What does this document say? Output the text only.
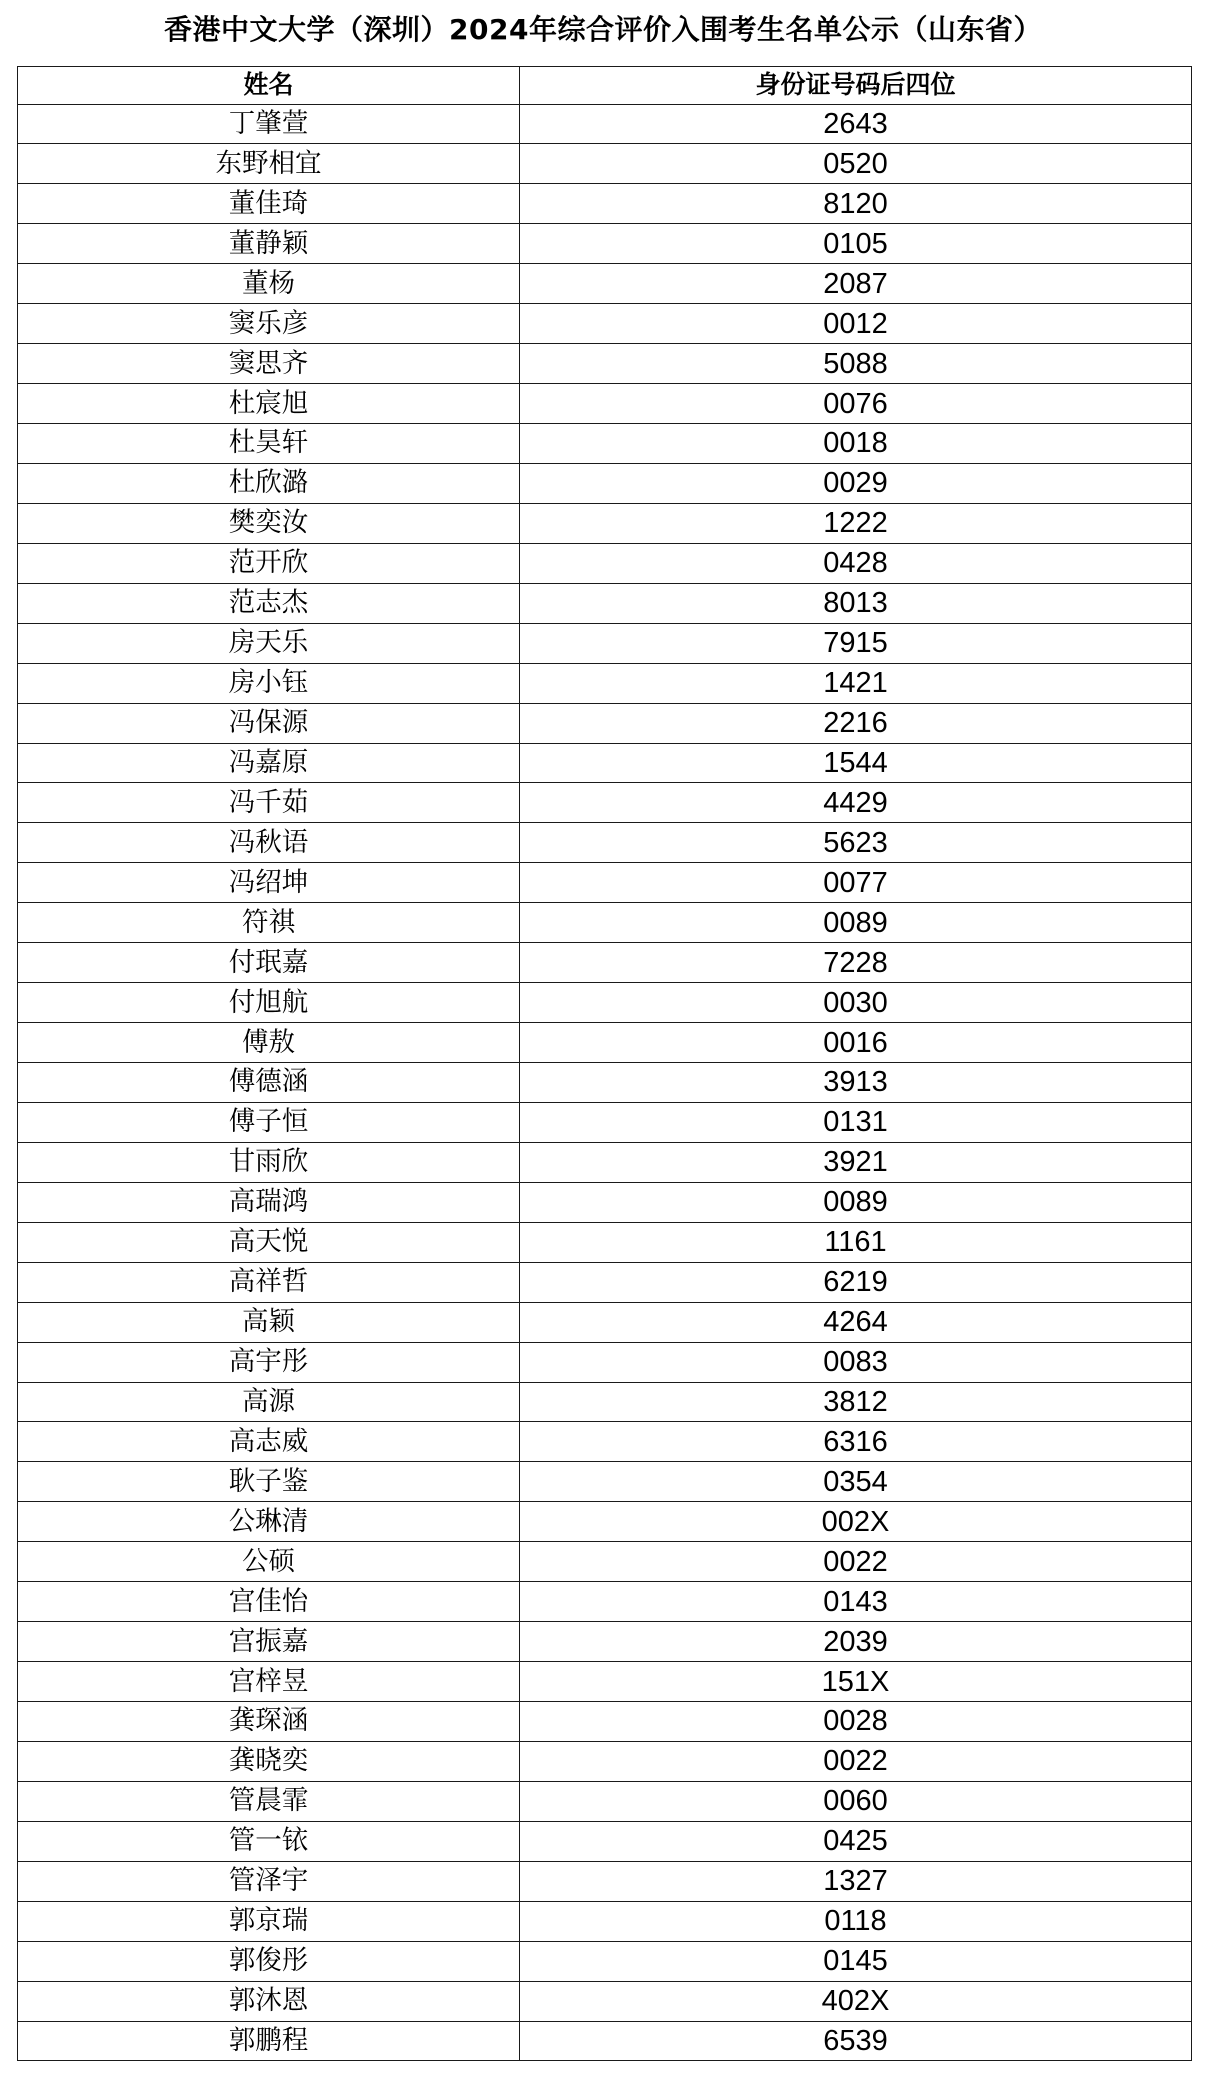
香港中文大学（深圳）2024年综合评价入围考生名单公示（山东省）
姓名	身份证号码后四位
丁肇萱	2643
东野相宜	0520
董佳琦	8120
董静颖	0105
董杨	2087
窦乐彦	0012
窦思齐	5088
杜宸旭	0076
杜昊轩	0018
杜欣潞	0029
樊奕汝	1222
范开欣	0428
范志杰	8013
房天乐	7915
房小钰	1421
冯保源	2216
冯嘉原	1544
冯千茹	4429
冯秋语	5623
冯绍坤	0077
符祺	0089
付珉嘉	7228
付旭航	0030
傅敖	0016
傅德涵	3913
傅子恒	0131
甘雨欣	3921
高瑞鸿	0089
高天悦	1161
高祥哲	6219
高颖	4264
高宇彤	0083
高源	3812
高志威	6316
耿子鉴	0354
公琳清	002X
公硕	0022
宫佳怡	0143
宫振嘉	2039
宫梓昱	151X
龚琛涵	0028
龚晓奕	0022
管晨霏	0060
管一铱	0425
管泽宇	1327
郭京瑞	0118
郭俊彤	0145
郭沐恩	402X
郭鹏程	6539
